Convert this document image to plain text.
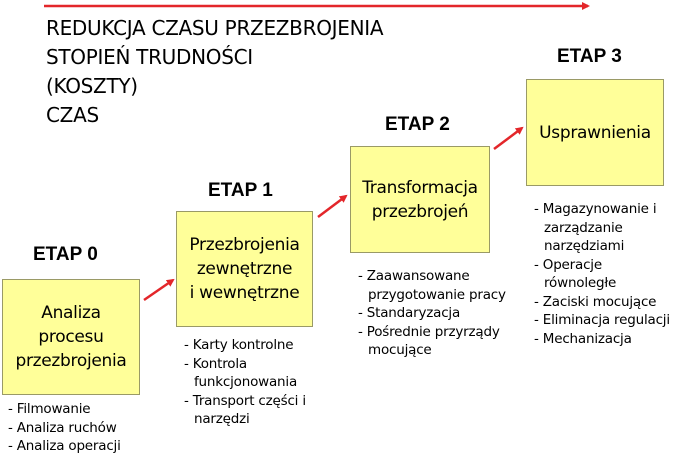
REDUKCJA CZASU PRZEZBROJENIA
STOPIEŃ TRUDNOŚCI
(KOSZTY)
CZAS
ETAP 0
Analiza
procesu
przezbrojenia
- Filmowanie
- Analiza ruchów
- Analiza operacji
ETAP 1
Przezbrojenia
zewnętrzne
i wewnętrzne
- Karty kontrolne
- Kontrola funkcjonowania
- Transport części i narzędzi
ETAP 2
Transformacja
przezbrojeń
- Zaawansowane przygotowanie pracy
- Standaryzacja
- Pośrednie przyrządy mocujące
ETAP 3
Usprawnienia
- Magazynowanie i zarządzanie narzędziami
- Operacje równoległe
- Zaciski mocujące
- Eliminacja regulacji
- Mechanizacja
